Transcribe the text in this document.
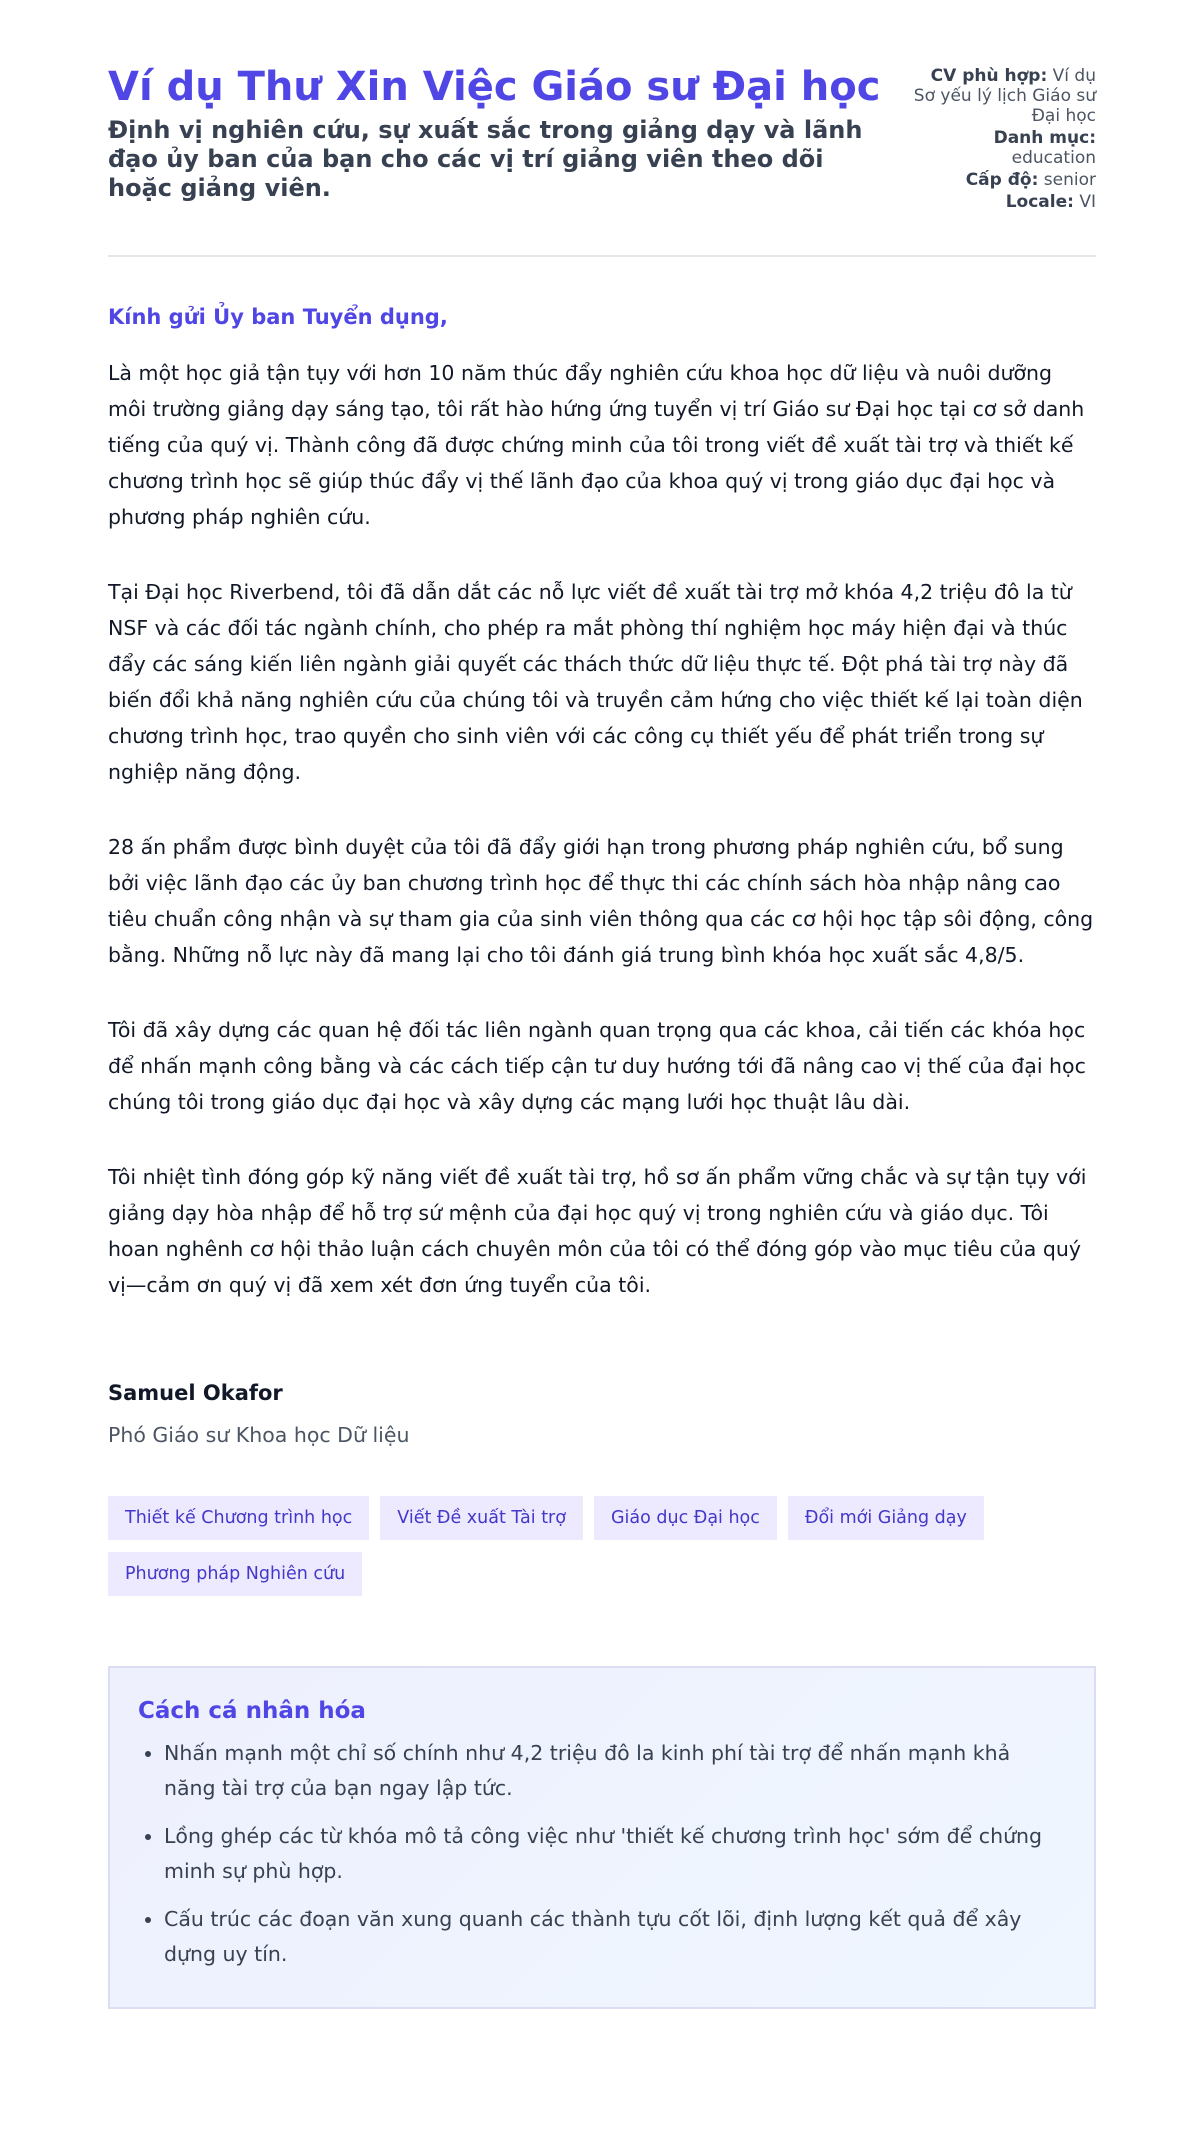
Ví dụ Thư Xin Việc Giáo sư Đại học

Định vị nghiên cứu, sự xuất sắc trong giảng dạy và lãnh đạo ủy ban của bạn cho các vị trí giảng viên theo dõi hoặc giảng viên.

CV phù hợp: Ví dụ Sơ yếu lý lịch Giáo sư Đại học
Danh mục: education
Cấp độ: senior
Locale: VI
Kính gửi Ủy ban Tuyển dụng,

Là một học giả tận tụy với hơn 10 năm thúc đẩy nghiên cứu khoa học dữ liệu và nuôi dưỡng môi trường giảng dạy sáng tạo, tôi rất hào hứng ứng tuyển vị trí Giáo sư Đại học tại cơ sở danh tiếng của quý vị. Thành công đã được chứng minh của tôi trong viết đề xuất tài trợ và thiết kế chương trình học sẽ giúp thúc đẩy vị thế lãnh đạo của khoa quý vị trong giáo dục đại học và phương pháp nghiên cứu.

Tại Đại học Riverbend, tôi đã dẫn dắt các nỗ lực viết đề xuất tài trợ mở khóa 4,2 triệu đô la từ NSF và các đối tác ngành chính, cho phép ra mắt phòng thí nghiệm học máy hiện đại và thúc đẩy các sáng kiến liên ngành giải quyết các thách thức dữ liệu thực tế. Đột phá tài trợ này đã biến đổi khả năng nghiên cứu của chúng tôi và truyền cảm hứng cho việc thiết kế lại toàn diện chương trình học, trao quyền cho sinh viên với các công cụ thiết yếu để phát triển trong sự nghiệp năng động.

28 ấn phẩm được bình duyệt của tôi đã đẩy giới hạn trong phương pháp nghiên cứu, bổ sung bởi việc lãnh đạo các ủy ban chương trình học để thực thi các chính sách hòa nhập nâng cao tiêu chuẩn công nhận và sự tham gia của sinh viên thông qua các cơ hội học tập sôi động, công bằng. Những nỗ lực này đã mang lại cho tôi đánh giá trung bình khóa học xuất sắc 4,8/5.

Tôi đã xây dựng các quan hệ đối tác liên ngành quan trọng qua các khoa, cải tiến các khóa học để nhấn mạnh công bằng và các cách tiếp cận tư duy hướng tới đã nâng cao vị thế của đại học chúng tôi trong giáo dục đại học và xây dựng các mạng lưới học thuật lâu dài.

Tôi nhiệt tình đóng góp kỹ năng viết đề xuất tài trợ, hồ sơ ấn phẩm vững chắc và sự tận tụy với giảng dạy hòa nhập để hỗ trợ sứ mệnh của đại học quý vị trong nghiên cứu và giáo dục. Tôi hoan nghênh cơ hội thảo luận cách chuyên môn của tôi có thể đóng góp vào mục tiêu của quý vị—cảm ơn quý vị đã xem xét đơn ứng tuyển của tôi.

Samuel Okafor
Phó Giáo sư Khoa học Dữ liệu
Thiết kế Chương trình học	Viết Đề xuất Tài trợ	Giáo dục Đại học	Đổi mới Giảng dạy
Phương pháp Nghiên cứu
Cách cá nhân hóa
• Nhấn mạnh một chỉ số chính như 4,2 triệu đô la kinh phí tài trợ để nhấn mạnh khả năng tài trợ của bạn ngay lập tức.
• Lồng ghép các từ khóa mô tả công việc như 'thiết kế chương trình học' sớm để chứng minh sự phù hợp.
• Cấu trúc các đoạn văn xung quanh các thành tựu cốt lõi, định lượng kết quả để xây dựng uy tín.
